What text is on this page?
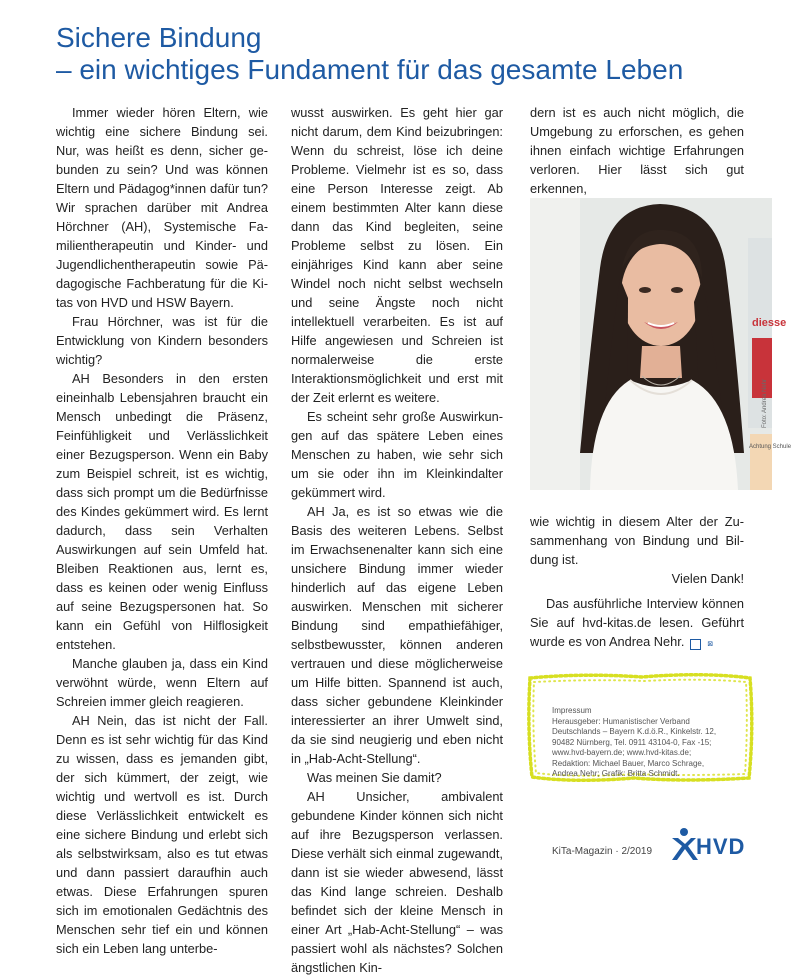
Sichere Bindung
– ein wichtiges Fundament für das gesamte Leben

Immer wieder hören Eltern, wie wichtig eine sichere Bindung sei. Nur, was heißt es denn, sicher gebunden zu sein? Und was können Eltern und Pädagog*innen dafür tun? Wir sprachen darüber mit Andrea Hörchner (AH), Systemische Familientherapeutin und Kinder- und Jugendlichentherapeutin sowie Pädagogische Fachberatung für die Kitas von HVD und HSW Bayern.

Frau Hörchner, was ist für die Entwicklung von Kindern besonders wichtig?

AH Besonders in den ersten eineinhalb Lebensjahren braucht ein Mensch unbedingt die Präsenz, Feinfühligkeit und Verlässlichkeit einer Bezugsperson. Wenn ein Baby zum Beispiel schreit, ist es wichtig, dass sich prompt um die Bedürfnisse des Kindes gekümmert wird. Es lernt dadurch, dass sein Verhalten Auswirkungen auf sein Umfeld hat. Bleiben Reaktionen aus, lernt es, dass es keinen oder wenig Einfluss auf seine Bezugspersonen hat. So kann ein Gefühl von Hilflosigkeit entstehen.

Manche glauben ja, dass ein Kind verwöhnt würde, wenn Eltern auf Schreien immer gleich reagieren.

AH Nein, das ist nicht der Fall. Denn es ist sehr wichtig für das Kind zu wissen, dass es jemanden gibt, der sich kümmert, der zeigt, wie wichtig und wertvoll es ist. Durch diese Verlässlichkeit entwickelt es eine sichere Bindung und erlebt sich als selbstwirksam, also es tut etwas und dann passiert daraufhin auch etwas. Diese Erfahrungen spuren sich im emotionalen Gedächtnis des Menschen sehr tief ein und können sich ein Leben lang unterbe-

wusst auswirken. Es geht hier gar nicht darum, dem Kind beizubringen: Wenn du schreist, löse ich deine Probleme. Vielmehr ist es so, dass eine Person Interesse zeigt. Ab einem bestimmten Alter kann diese dann das Kind begleiten, seine Probleme selbst zu lösen. Ein einjähriges Kind kann aber seine Windel noch nicht selbst wechseln und seine Ängste noch nicht intellektuell verarbeiten. Es ist auf Hilfe angewiesen und Schreien ist normalerweise die erste Interaktionsmöglichkeit und erst mit der Zeit erlernt es weitere.

Es scheint sehr große Auswirkungen auf das spätere Leben eines Menschen zu haben, wie sehr sich um sie oder ihn im Kleinkindalter gekümmert wird.

AH Ja, es ist so etwas wie die Basis des weiteren Lebens. Selbst im Erwachsenenalter kann sich eine unsichere Bindung immer wieder hinderlich auf das eigene Leben auswirken. Menschen mit sicherer Bindung sind empathiefähiger, selbstbewusster, können anderen vertrauen und diese möglicherweise um Hilfe bitten. Spannend ist auch, dass sicher gebundene Kleinkinder interessierter an ihrer Umwelt sind, da sie sind neugierig und eben nicht in „Hab-Acht-Stellung“.

Was meinen Sie damit?

AH Unsicher, ambivalent gebundene Kinder können sich nicht auf ihre Bezugsperson verlassen. Diese verhält sich einmal zugewandt, dann ist sie wieder abwesend, lässt das Kind lange schreien. Deshalb befindet sich der kleine Mensch in einer Art „Hab-Acht-Stellung“ – was passiert wohl als nächstes? Solchen ängstlichen Kin-

dern ist es auch nicht möglich, die Umgebung zu erforschen, es gehen ihnen einfach wichtige Erfahrungen verloren. Hier lässt sich gut erkennen,

diesse
Achtung Schule
Foto: Andrea Nehr

wie wichtig in diesem Alter der Zusammenhang von Bindung und Bildung ist.

Vielen Dank!

Das ausführliche Interview können Sie auf hvd-kitas.de lesen. Geführt wurde es von Andrea Nehr.	⊠

Impressum
Herausgeber: Humanistischer Verband
Deutschlands – Bayern K.d.ö.R., Kinkelstr. 12,
90482 Nürnberg, Tel. 0911 43104-0, Fax -15;
www.hvd-bayern.de; www.hvd-kitas.de;
Redaktion: Michael Bauer, Marco Schrage,
Andrea Nehr; Grafik: Britta Schmidt.
KiTa-Magazin · 2/2019 HVD
